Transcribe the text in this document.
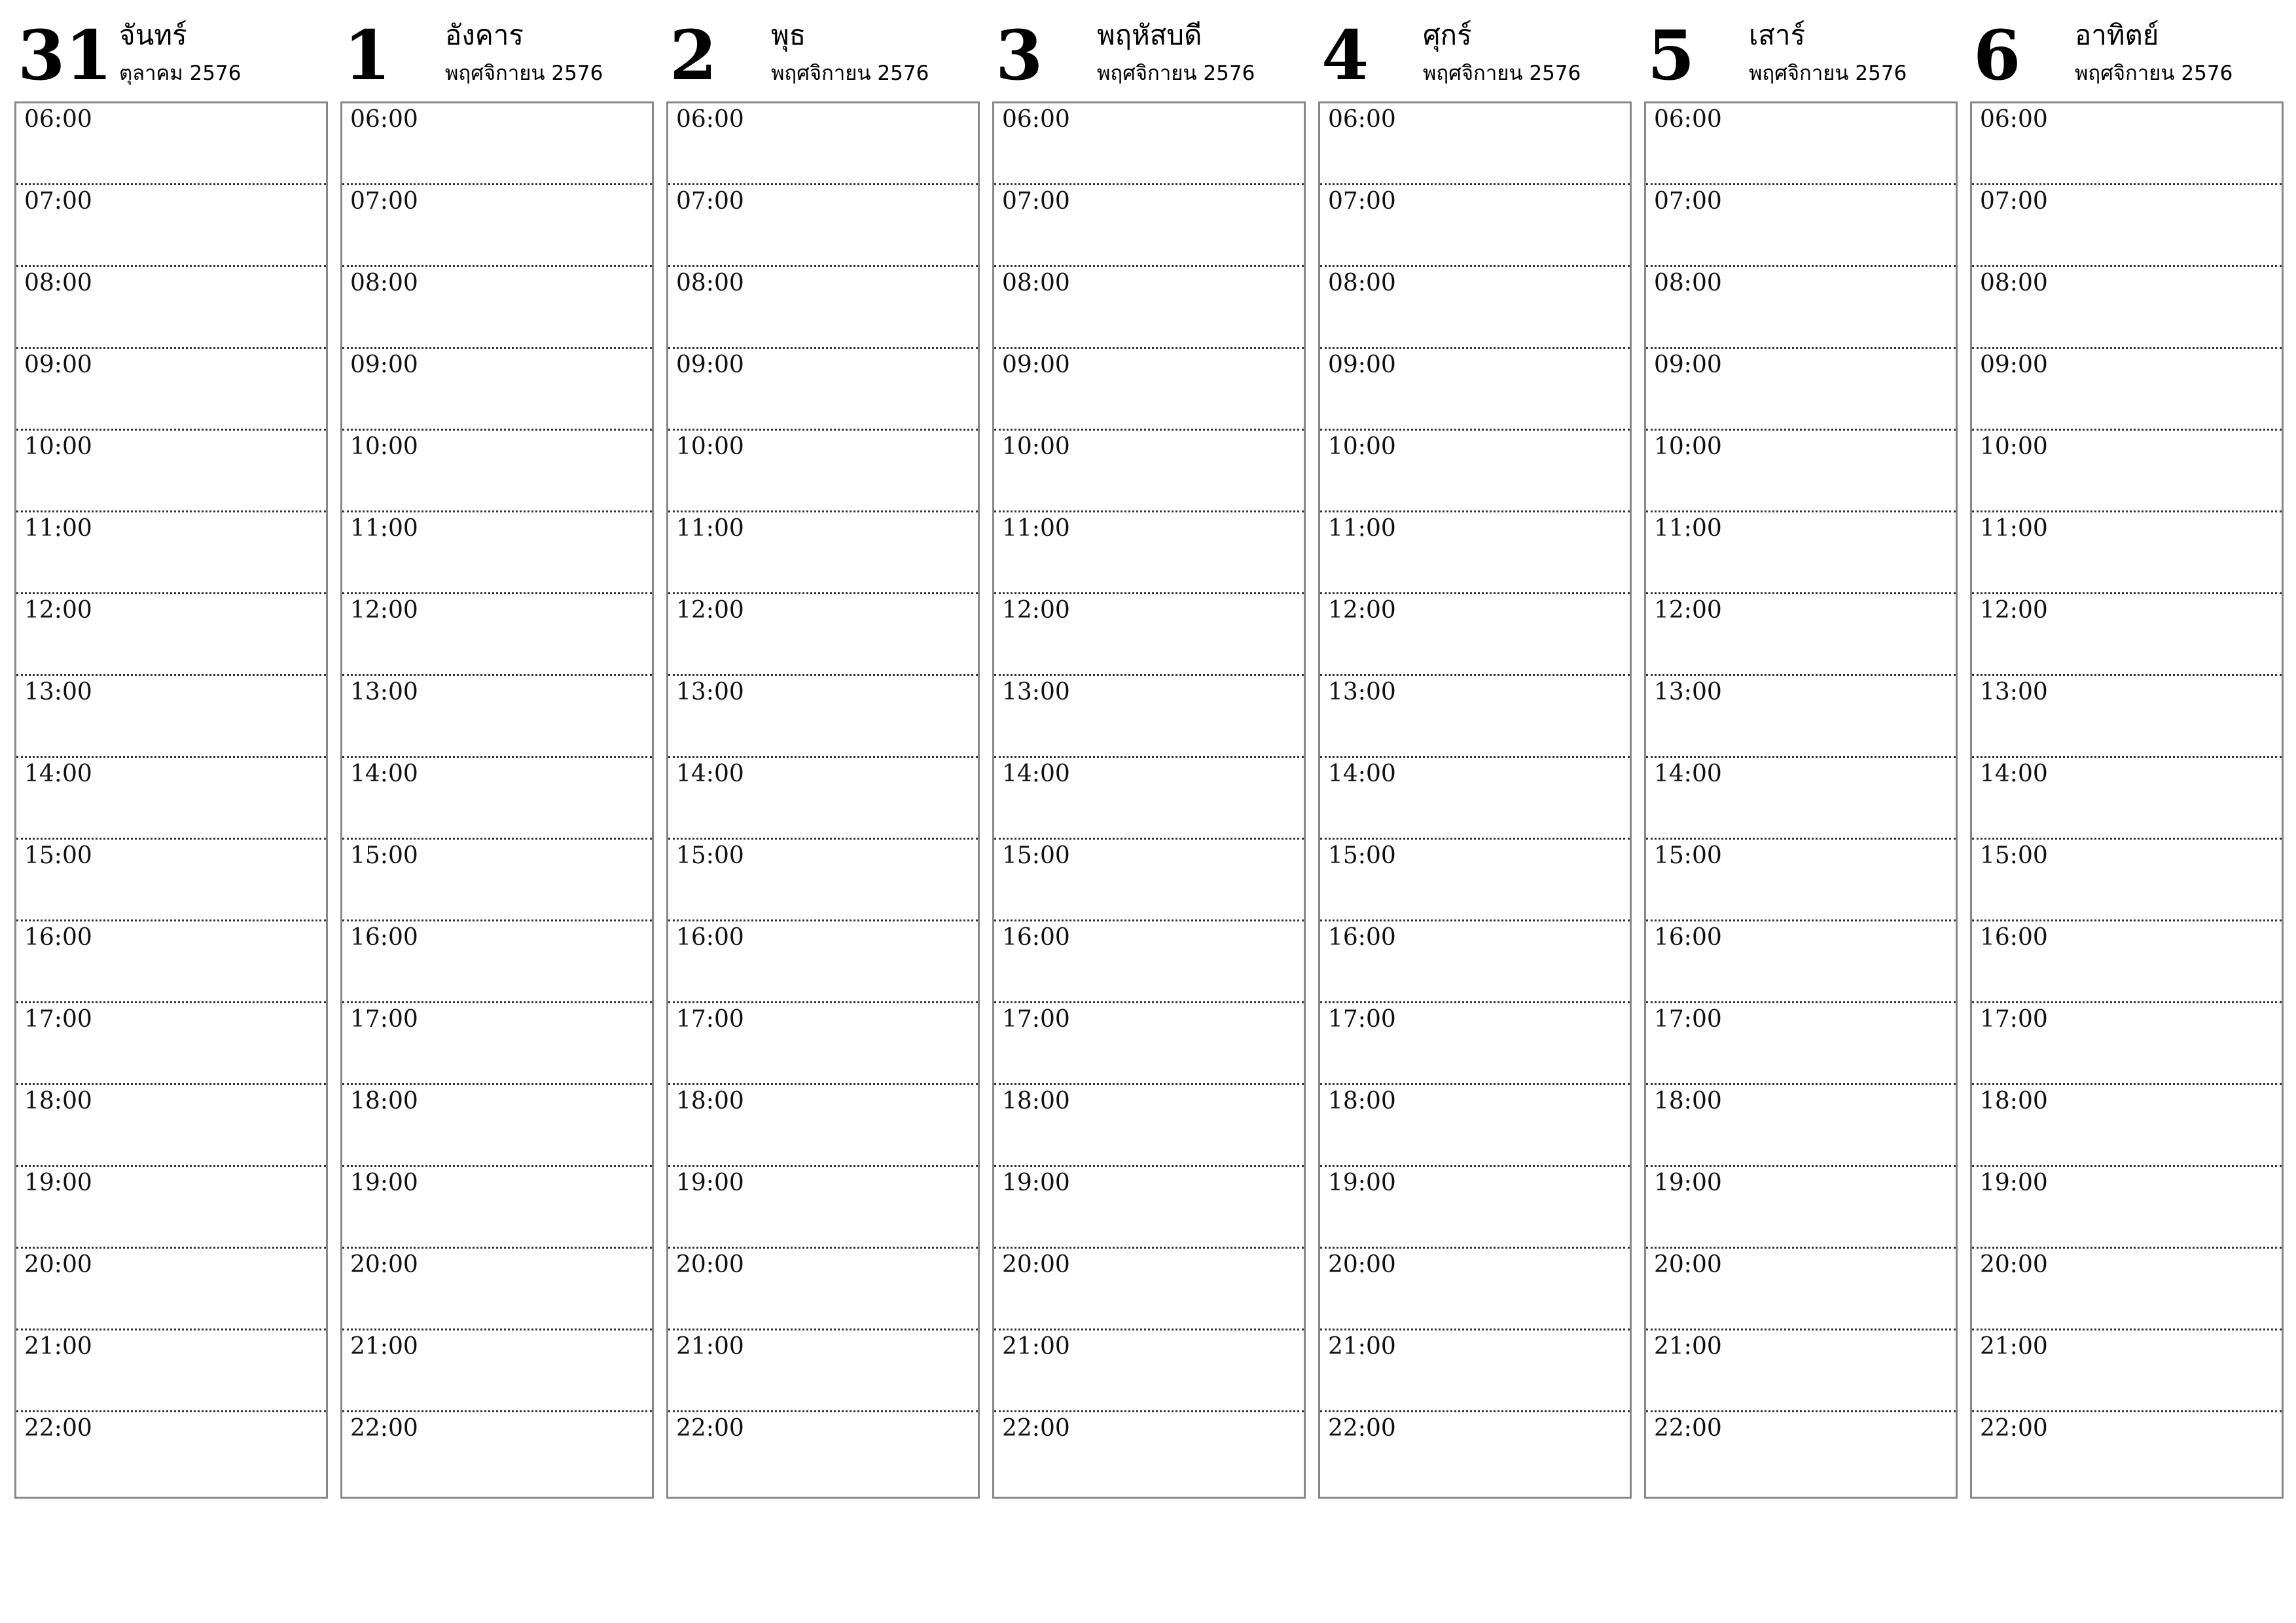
31 จันทร์
ตุลาคม 2576
06:00
07:00
08:00
09:00
10:00
11:00
12:00
13:00
14:00
15:00
16:00
17:00
18:00
19:00
20:00
21:00
22:00
1 อังคาร
พฤศจิกายน 2576
06:00
07:00
08:00
09:00
10:00
11:00
12:00
13:00
14:00
15:00
16:00
17:00
18:00
19:00
20:00
21:00
22:00
2 พุธ
พฤศจิกายน 2576
06:00
07:00
08:00
09:00
10:00
11:00
12:00
13:00
14:00
15:00
16:00
17:00
18:00
19:00
20:00
21:00
22:00
3 พฤหัสบดี
พฤศจิกายน 2576
06:00
07:00
08:00
09:00
10:00
11:00
12:00
13:00
14:00
15:00
16:00
17:00
18:00
19:00
20:00
21:00
22:00
4 ศุกร์
พฤศจิกายน 2576
06:00
07:00
08:00
09:00
10:00
11:00
12:00
13:00
14:00
15:00
16:00
17:00
18:00
19:00
20:00
21:00
22:00
5 เสาร์
พฤศจิกายน 2576
06:00
07:00
08:00
09:00
10:00
11:00
12:00
13:00
14:00
15:00
16:00
17:00
18:00
19:00
20:00
21:00
22:00
6 อาทิตย์
พฤศจิกายน 2576
06:00
07:00
08:00
09:00
10:00
11:00
12:00
13:00
14:00
15:00
16:00
17:00
18:00
19:00
20:00
21:00
22:00
